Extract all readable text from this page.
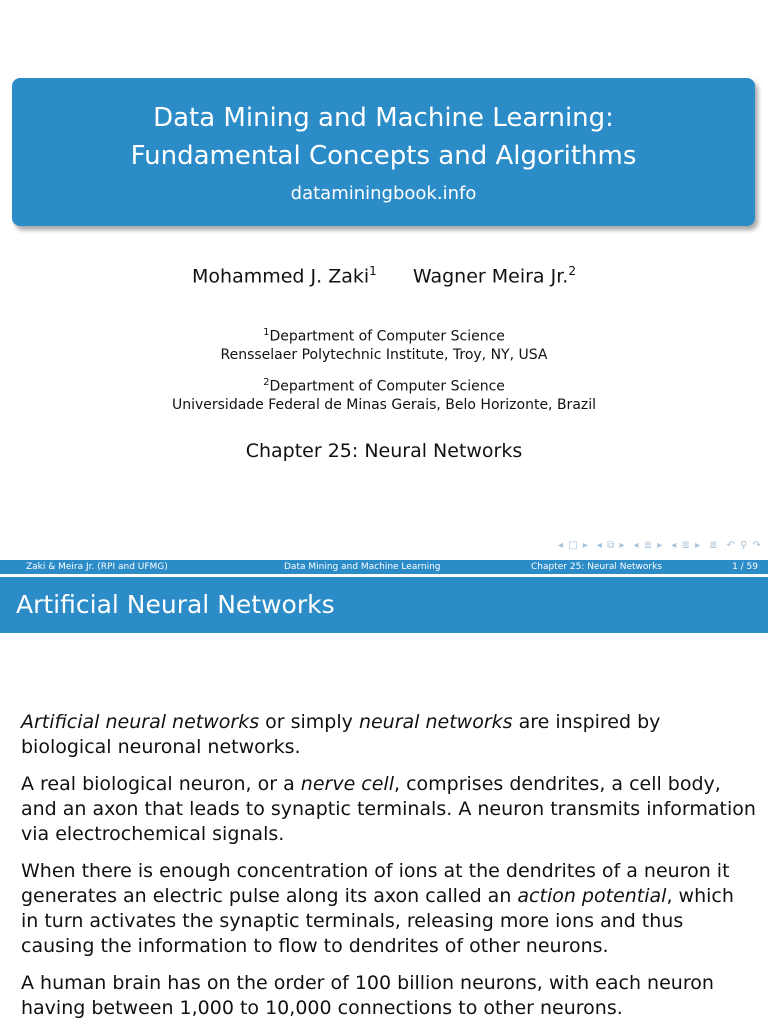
Data Mining and Machine Learning:
Fundamental Concepts and Algorithms
dataminingbook.info
Mohammed J. Zaki$^1$ Wagner Meira Jr.$^2$
$^1$Department of Computer Science
Rensselaer Polytechnic Institute, Troy, NY, USA
$^2$Department of Computer Science
Universidade Federal de Minas Gerais, Belo Horizonte, Brazil
Chapter 25: Neural Networks
◂ □ ▸ ◂ ⧉ ▸ ◂ ≣ ▸ ◂ ≣ ▸ ≣ ↶ ⚲ ↷
Zaki & Meira Jr. (RPI and UFMG)	Data Mining and Machine Learning	Chapter 25: Neural Networks	1 / 59
Artificial Neural Networks

Artificial neural networks or simply neural networks are inspired by biological neuronal networks.

A real biological neuron, or a nerve cell, comprises dendrites, a cell body, and an axon that leads to synaptic terminals. A neuron transmits information via electrochemical signals.

When there is enough concentration of ions at the dendrites of a neuron it generates an electric pulse along its axon called an action potential, which in turn activates the synaptic terminals, releasing more ions and thus causing the information to flow to dendrites of other neurons.

A human brain has on the order of 100 billion neurons, with each neuron having between 1,000 to 10,000 connections to other neurons.
